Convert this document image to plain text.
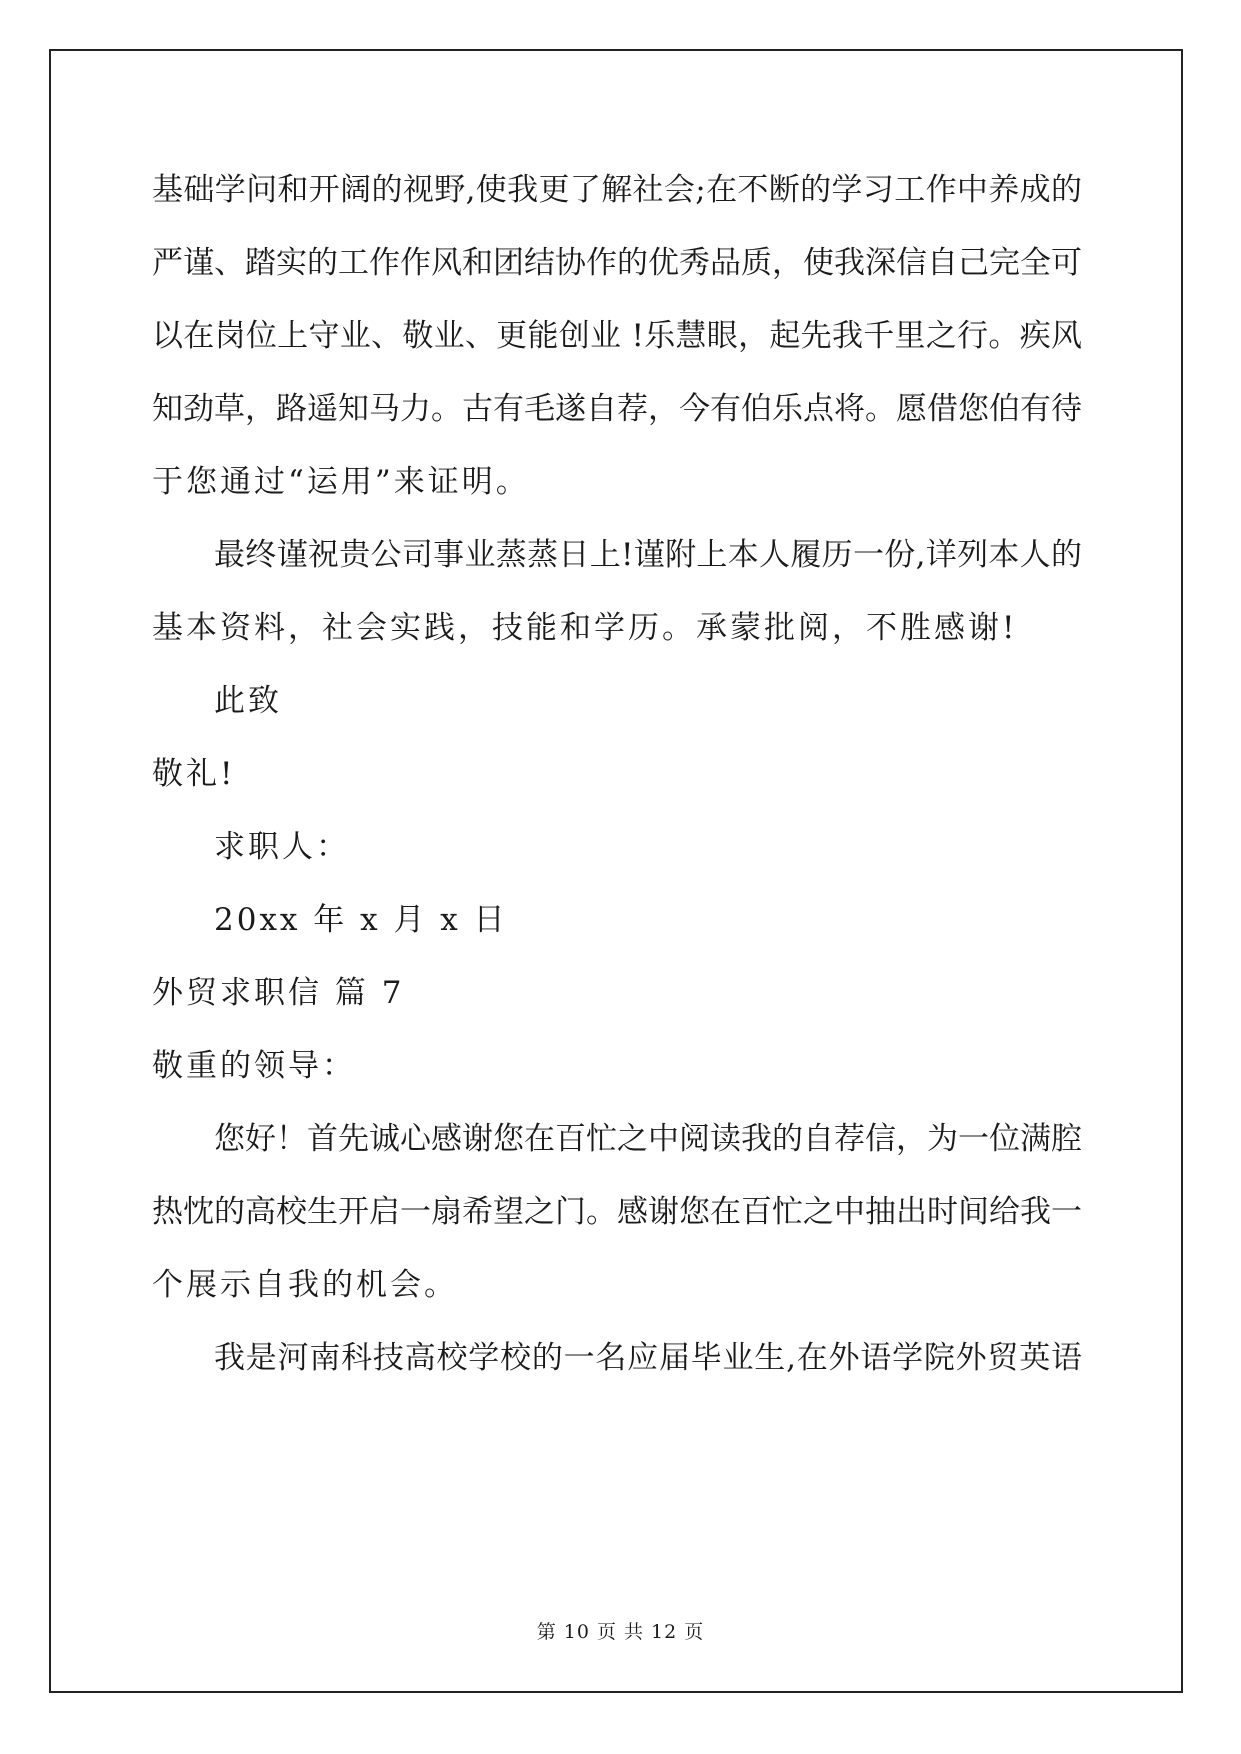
基础学问和开阔的视野,使我更了解社会;在不断的学习工作中养成的
严谨、踏实的工作作风和团结协作的优秀品质，使我深信自己完全可
以在岗位上守业、敬业、更能创业 !乐慧眼，起先我千里之行。疾风
知劲草，路遥知马力。古有毛遂自荐，今有伯乐点将。愿借您伯有待
于您通过“运用”来证明。
最终谨祝贵公司事业蒸蒸日上!谨附上本人履历一份,详列本人的
基本资料，社会实践，技能和学历。承蒙批阅，不胜感谢!
此致
敬礼!
求职人：
20xx 年 x 月 x 日
外贸求职信 篇 7
敬重的领导：
您好！首先诚心感谢您在百忙之中阅读我的自荐信，为一位满腔
热忱的高校生开启一扇希望之门。感谢您在百忙之中抽出时间给我一
个展示自我的机会。
我是河南科技高校学校的一名应届毕业生,在外语学院外贸英语
第 10 页 共 12 页
